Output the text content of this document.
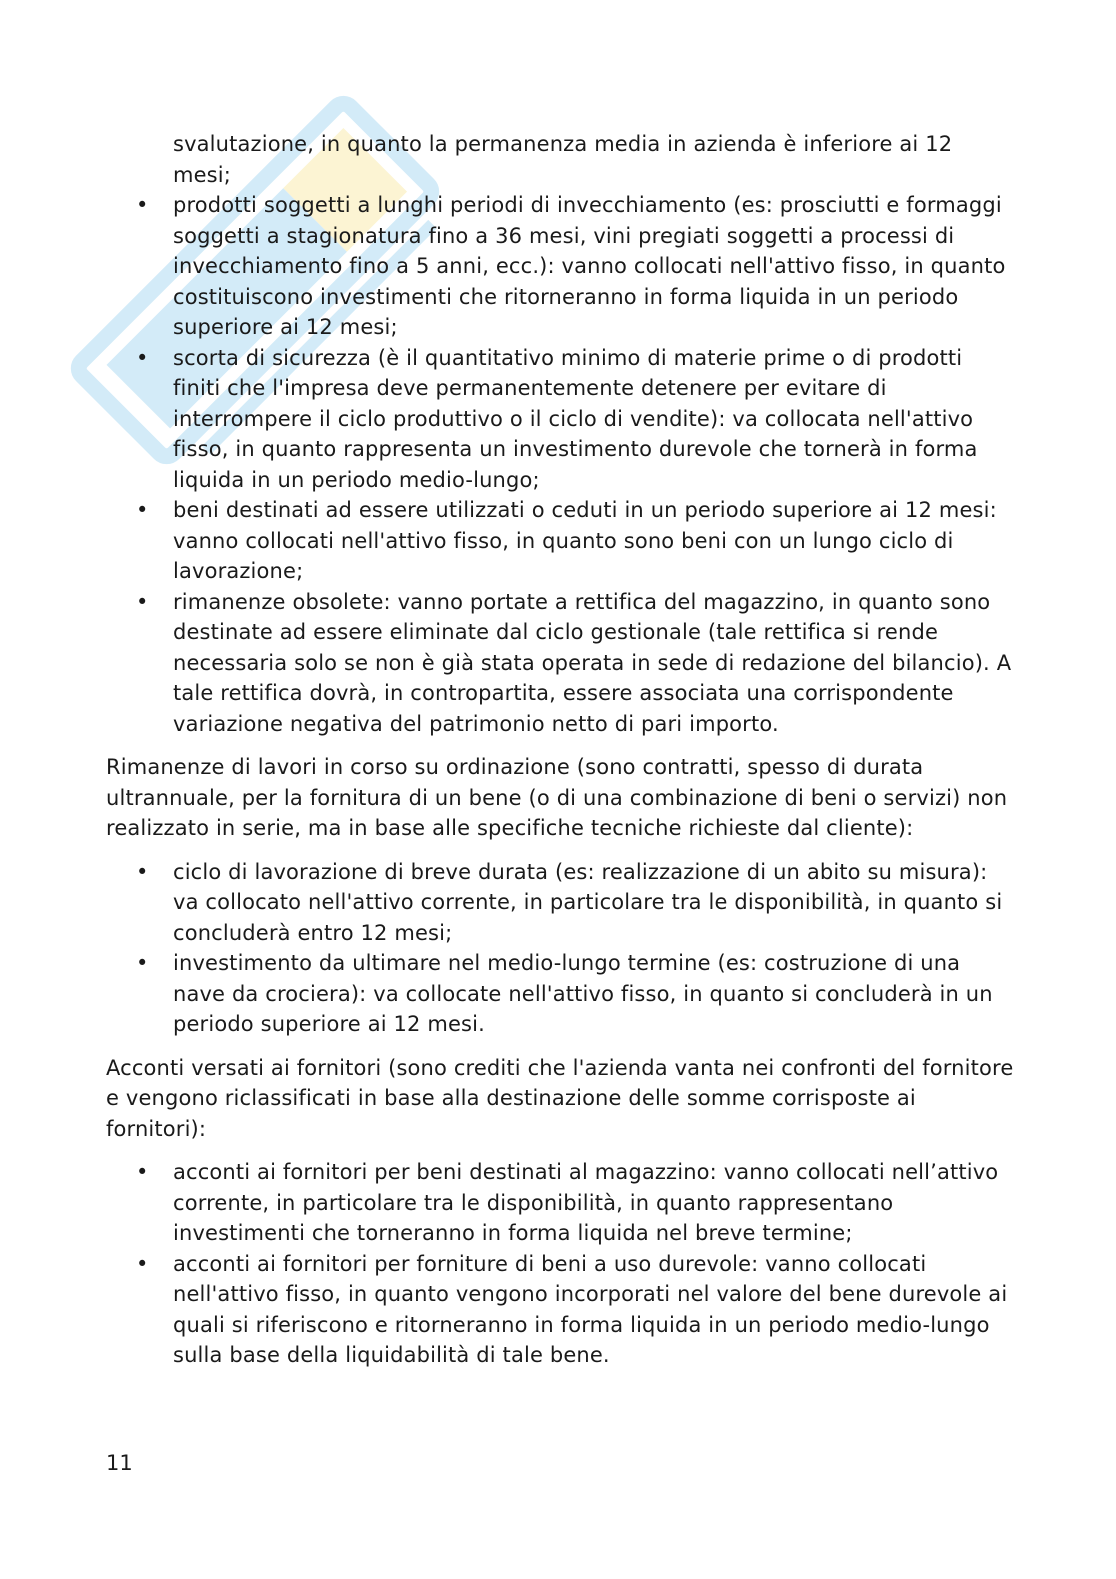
svalutazione, in quanto la permanenza media in azienda è inferiore ai 12 mesi;
• prodotti soggetti a lunghi periodi di invecchiamento (es: prosciutti e formaggi soggetti a stagionatura fino a 36 mesi, vini pregiati soggetti a processi di invecchiamento fino a 5 anni, ecc.): vanno collocati nell'attivo fisso, in quanto costituiscono investimenti che ritorneranno in forma liquida in un periodo superiore ai 12 mesi;
• scorta di sicurezza (è il quantitativo minimo di materie prime o di prodotti finiti che l'impresa deve permanentemente detenere per evitare di interrompere il ciclo produttivo o il ciclo di vendite): va collocata nell'attivo fisso, in quanto rappresenta un investimento durevole che tornerà in forma liquida in un periodo medio-lungo;
• beni destinati ad essere utilizzati o ceduti in un periodo superiore ai 12 mesi: vanno collocati nell'attivo fisso, in quanto sono beni con un lungo ciclo di lavorazione;
• rimanenze obsolete: vanno portate a rettifica del magazzino, in quanto sono destinate ad essere eliminate dal ciclo gestionale (tale rettifica si rende necessaria solo se non è già stata operata in sede di redazione del bilancio). A tale rettifica dovrà, in contropartita, essere associata una corrispondente variazione negativa del patrimonio netto di pari importo.

Rimanenze di lavori in corso su ordinazione (sono contratti, spesso di durata ultrannuale, per la fornitura di un bene (o di una combinazione di beni o servizi) non realizzato in serie, ma in base alle specifiche tecniche richieste dal cliente):

• ciclo di lavorazione di breve durata (es: realizzazione di un abito su misura): va collocato nell'attivo corrente, in particolare tra le disponibilità, in quanto si concluderà entro 12 mesi;
• investimento da ultimare nel medio-lungo termine (es: costruzione di una nave da crociera): va collocate nell'attivo fisso, in quanto si concluderà in un periodo superiore ai 12 mesi.

Acconti versati ai fornitori (sono crediti che l'azienda vanta nei confronti del fornitore e vengono riclassificati in base alla destinazione delle somme corrisposte ai fornitori):

• acconti ai fornitori per beni destinati al magazzino: vanno collocati nell’attivo corrente, in particolare tra le disponibilità, in quanto rappresentano investimenti che torneranno in forma liquida nel breve termine;
• acconti ai fornitori per forniture di beni a uso durevole: vanno collocati nell'attivo fisso, in quanto vengono incorporati nel valore del bene durevole ai quali si riferiscono e ritorneranno in forma liquida in un periodo medio-lungo sulla base della liquidabilità di tale bene.
11
